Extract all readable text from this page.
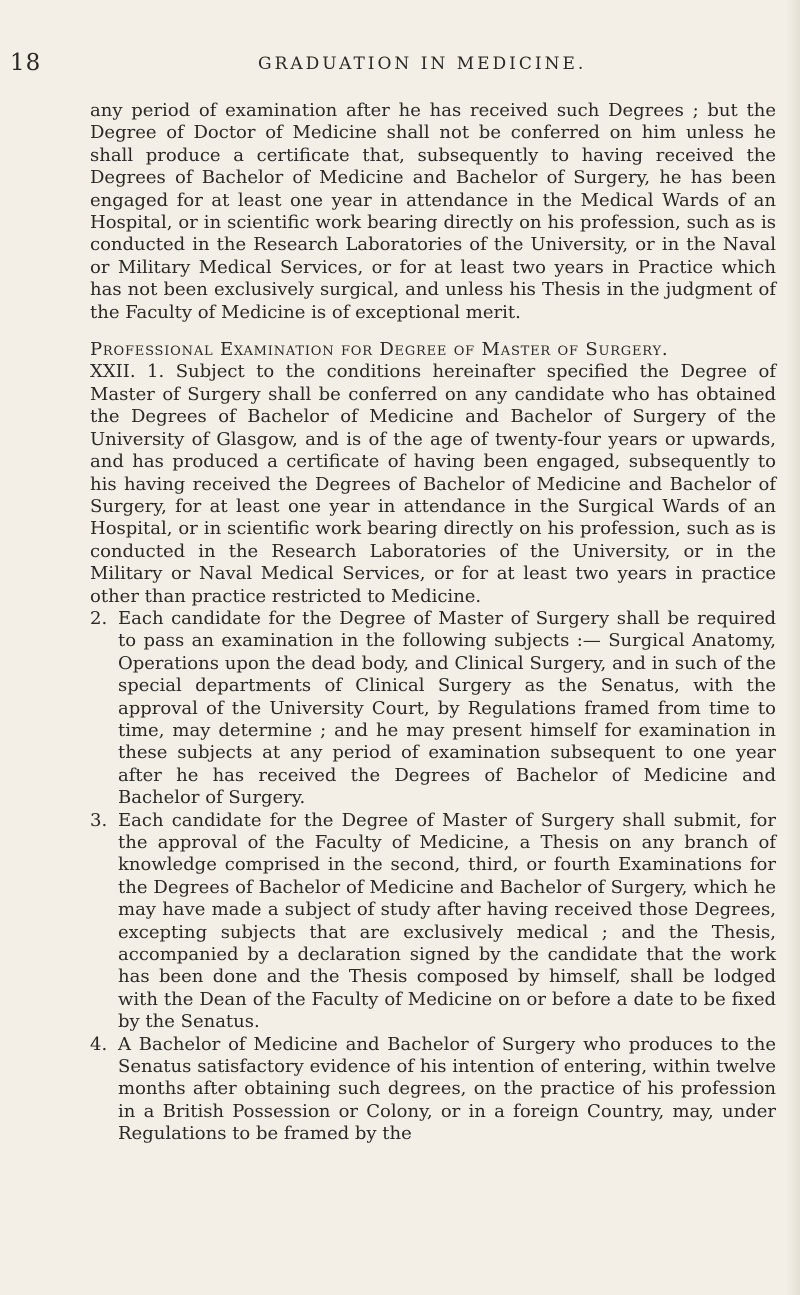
18	GRADUATION IN MEDICINE.

any period of examination after he has received such Degrees ; but the Degree of Doctor of Medicine shall not be conferred on him unless he shall produce a certificate that, subsequently to having received the Degrees of Bachelor of Medicine and Bachelor of Surgery, he has been engaged for at least one year in attendance in the Medical Wards of an Hospital, or in scientific work bearing directly on his profession, such as is conducted in the Research Laboratories of the University, or in the Naval or Military Medical Services, or for at least two years in Practice which has not been exclusively surgical, and unless his Thesis in the judgment of the Faculty of Medicine is of exceptional merit.

Professional Examination for Degree of Master of Surgery.

XXII. 1. Subject to the conditions hereinafter specified the Degree of Master of Surgery shall be conferred on any candidate who has obtained the Degrees of Bachelor of Medicine and Bachelor of Surgery of the University of Glasgow, and is of the age of twenty-four years or upwards, and has produced a certificate of having been engaged, subsequently to his having received the Degrees of Bachelor of Medicine and Bachelor of Surgery, for at least one year in attendance in the Surgical Wards of an Hospital, or in scientific work bearing directly on his profession, such as is conducted in the Research Laboratories of the University, or in the Military or Naval Medical Services, or for at least two years in practice other than practice restricted to Medicine.
2. Each candidate for the Degree of Master of Surgery shall be required to pass an examination in the following subjects :— Surgical Anatomy, Operations upon the dead body, and Clinical Surgery, and in such of the special departments of Clinical Surgery as the Senatus, with the approval of the University Court, by Regulations framed from time to time, may determine ; and he may present himself for examination in these subjects at any period of examination subsequent to one year after he has received the Degrees of Bachelor of Medicine and Bachelor of Surgery.
3. Each candidate for the Degree of Master of Surgery shall submit, for the approval of the Faculty of Medicine, a Thesis on any branch of knowledge comprised in the second, third, or fourth Examinations for the Degrees of Bachelor of Medicine and Bachelor of Surgery, which he may have made a subject of study after having received those Degrees, excepting subjects that are exclusively medical ; and the Thesis, accompanied by a declaration signed by the candidate that the work has been done and the Thesis composed by himself, shall be lodged with the Dean of the Faculty of Medicine on or before a date to be fixed by the Senatus.
4. A Bachelor of Medicine and Bachelor of Surgery who produces to the Senatus satisfactory evidence of his intention of entering, within twelve months after obtaining such degrees, on the practice of his profession in a British Possession or Colony, or in a foreign Country, may, under Regulations to be framed by the
